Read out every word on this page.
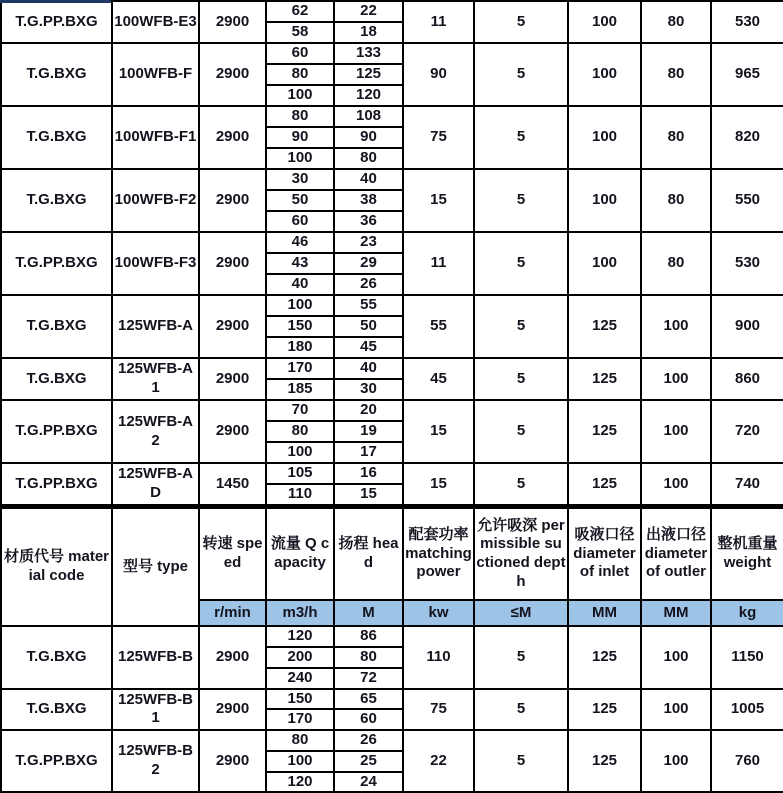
T.G.PP.BXG	100WFB-E3	2900	62	22	11	5	100	80	530
			58	18					
T.G.BXG	100WFB-F	2900	60	133	90	5	100	80	965
			80	125					
			100	120					
T.G.BXG	100WFB-F1	2900	80	108	75	5	100	80	820
			90	90					
			100	80					
T.G.BXG	100WFB-F2	2900	30	40	15	5	100	80	550
			50	38					
			60	36					
T.G.PP.BXG	100WFB-F3	2900	46	23	11	5	100	80	530
			43	29					
			40	26					
T.G.BXG	125WFB-A	2900	100	55	55	5	125	100	900
			150	50					
			180	45					
T.G.BXG	125WFB-A1	2900	170	40	45	5	125	100	860
			185	30					
T.G.PP.BXG	125WFB-A2	2900	70	20	15	5	125	100	720
			80	19					
			100	17					
T.G.PP.BXG	125WFB-AD	1450	105	16	15	5	125	100	740
			110	15					
材质代号 material code	型号 type	转速 speed	流量 Q capacity	扬程 head	配套功率 matching power	允许吸深 permissible suctioned depth	吸液口径 diameter of inlet	出液口径 diameter of outler	整机重量 weight
		r/min	m3/h	M	kw	≤M	MM	MM	kg
T.G.BXG	125WFB-B	2900	120	86	110	5	125	100	1150
			200	80					
			240	72					
T.G.BXG	125WFB-B1	2900	150	65	75	5	125	100	1005
			170	60					
T.G.PP.BXG	125WFB-B2	2900	80	26	22	5	125	100	760
			100	25					
			120	24					
